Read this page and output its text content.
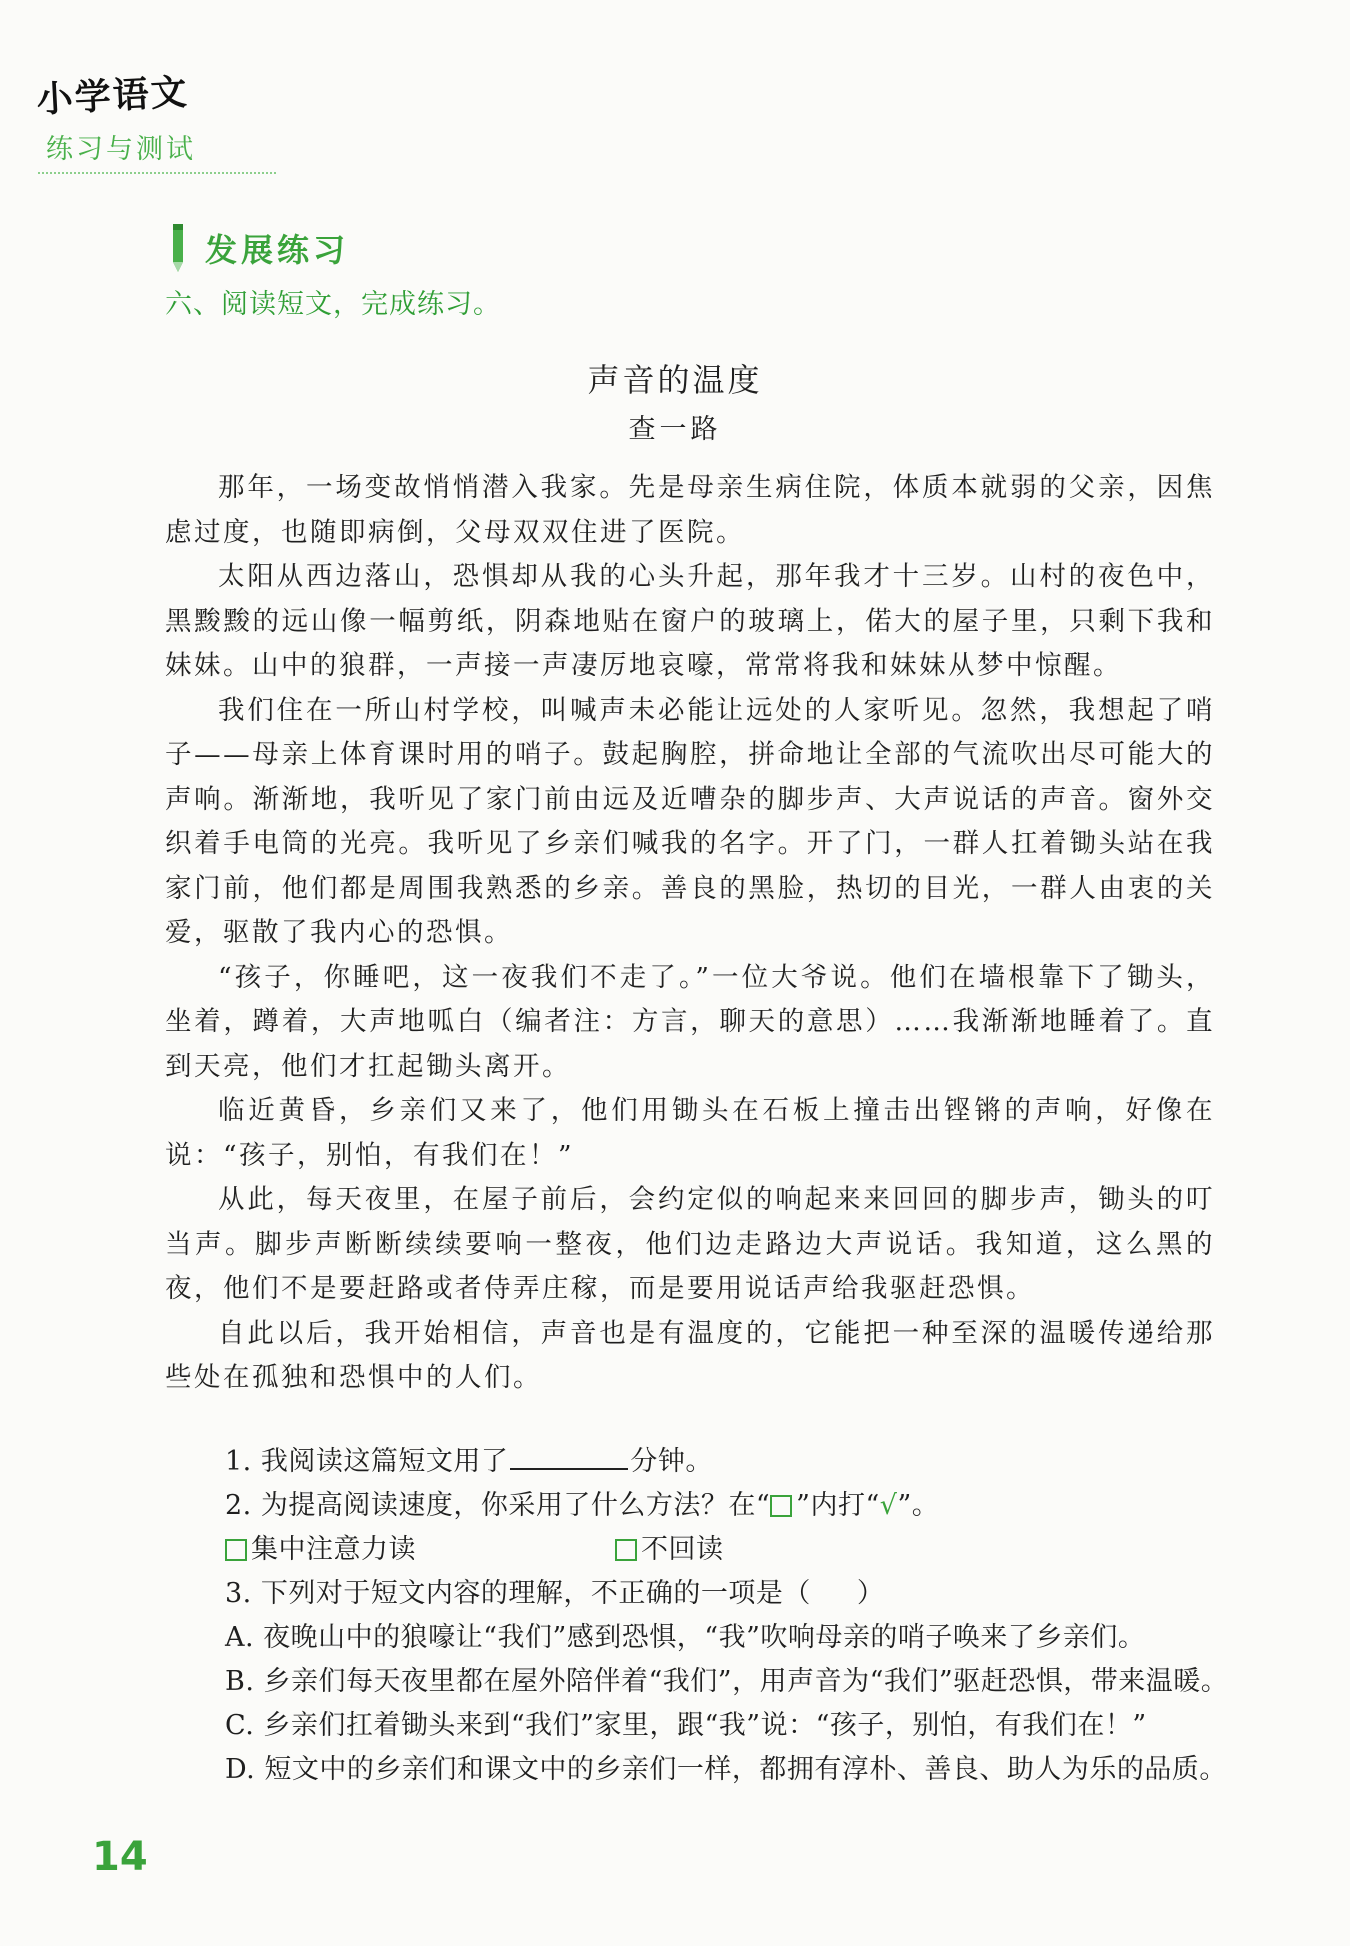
小学语文
练习与测试
发展练习
六、阅读短文，完成练习。
声音的温度
查一路

那年，一场变故悄悄潜入我家。先是母亲生病住院，体质本就弱的父亲，因焦虑过度，也随即病倒，父母双双住进了医院。

太阳从西边落山，恐惧却从我的心头升起，那年我才十三岁。山村的夜色中，黑黢黢的远山像一幅剪纸，阴森地贴在窗户的玻璃上，偌大的屋子里，只剩下我和妹妹。山中的狼群，一声接一声凄厉地哀嚎，常常将我和妹妹从梦中惊醒。

我们住在一所山村学校，叫喊声未必能让远处的人家听见。忽然，我想起了哨子——母亲上体育课时用的哨子。鼓起胸腔，拼命地让全部的气流吹出尽可能大的声响。渐渐地，我听见了家门前由远及近嘈杂的脚步声、大声说话的声音。窗外交织着手电筒的光亮。我听见了乡亲们喊我的名字。开了门，一群人扛着锄头站在我家门前，他们都是周围我熟悉的乡亲。善良的黑脸，热切的目光，一群人由衷的关爱，驱散了我内心的恐惧。

“孩子，你睡吧，这一夜我们不走了。”一位大爷说。他们在墙根靠下了锄头，坐着，蹲着，大声地呱白（编者注：方言，聊天的意思）……我渐渐地睡着了。直到天亮，他们才扛起锄头离开。

临近黄昏，乡亲们又来了，他们用锄头在石板上撞击出铿锵的声响，好像在说：“孩子，别怕，有我们在！”

从此，每天夜里，在屋子前后，会约定似的响起来来回回的脚步声，锄头的叮当声。脚步声断断续续要响一整夜，他们边走路边大声说话。我知道，这么黑的夜，他们不是要赶路或者侍弄庄稼，而是要用说话声给我驱赶恐惧。

自此以后，我开始相信，声音也是有温度的，它能把一种至深的温暖传递给那些处在孤独和恐惧中的人们。

1. 我阅读这篇短文用了	分钟。
2. 为提高阅读速度，你采用了什么方法？在“ ”内打“√”。
集中注意力读	不回读
3. 下列对于短文内容的理解，不正确的一项是（ ）
A. 夜晚山中的狼嚎让“我们”感到恐惧，“我”吹响母亲的哨子唤来了乡亲们。
B. 乡亲们每天夜里都在屋外陪伴着“我们”，用声音为“我们”驱赶恐惧，带来温暖。
C. 乡亲们扛着锄头来到“我们”家里，跟“我”说：“孩子，别怕，有我们在！”
D. 短文中的乡亲们和课文中的乡亲们一样，都拥有淳朴、善良、助人为乐的品质。
14
